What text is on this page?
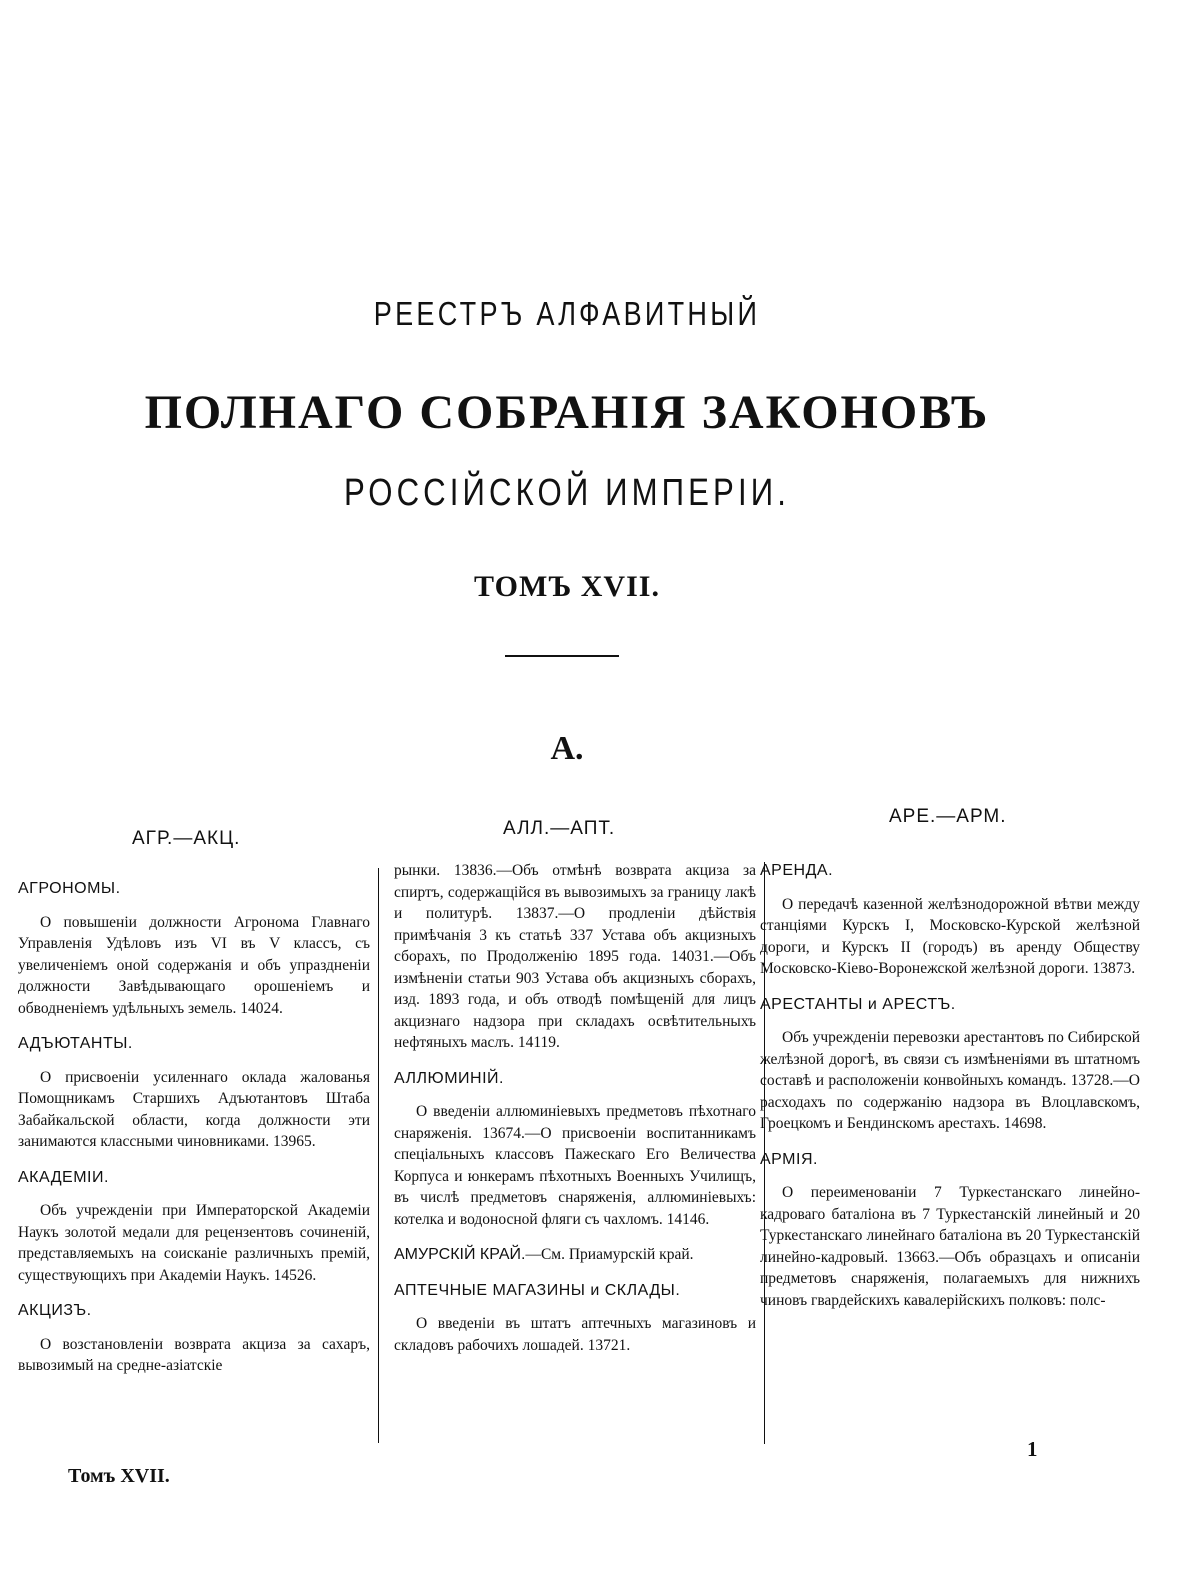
РЕЕСТРЪ АЛФАВИТНЫЙ
ПОЛНАГО СОБРАНІЯ ЗАКОНОВЪ
РОССІЙСКОЙ ИМПЕРІИ.
ТОМЪ XVII.
А.
АГР.—АКЦ.	АЛЛ.—АПТ.
АРЕ.—АРМ.
АГРОНОМЫ.
О повышеніи должности Агронома Главнаго Управленія Удѣловъ изъ VI въ V классъ, съ увеличеніемъ оной содержанія и объ упраздненіи должности Завѣдывающаго орошеніемъ и обводненіемъ удѣльныхъ земель. 14024.
АДЪЮТАНТЫ.
О присвоеніи усиленнаго оклада жалованья Помощникамъ Старшихъ Адъютантовъ Штаба Забайкальской области, когда должности эти занимаются классными чиновниками. 13965.
АКАДЕМІИ.
Объ учрежденіи при Императорской Академіи Наукъ золотой медали для рецензентовъ сочиненій, представляемыхъ на соисканіе различныхъ премій, существующихъ при Академіи Наукъ. 14526.
АКЦИЗЪ.
О возстановленіи возврата акциза за сахаръ, вывозимый на средне-азіатскіе
рынки. 13836.—Объ отмѣнѣ возврата акциза за спиртъ, содержащійся въ вывозимыхъ за границу лакѣ и политурѣ. 13837.—О продленіи дѣйствія примѣчанія 3 къ статьѣ 337 Устава объ акцизныхъ сборахъ, по Продолженію 1895 года. 14031.—Объ измѣненіи статьи 903 Устава объ акцизныхъ сборахъ, изд. 1893 года, и объ отводѣ помѣщеній для лицъ акцизнаго надзора при складахъ освѣтительныхъ нефтяныхъ маслъ. 14119.
АЛЛЮМИНІЙ.
О введеніи аллюминіевыхъ предметовъ пѣхотнаго снаряженія. 13674.—О присвоеніи воспитанникамъ спеціальныхъ классовъ Пажескаго Его Величества Корпуса и юнкерамъ пѣхотныхъ Военныхъ Училищъ, въ числѣ предметовъ снаряженія, аллюминіевыхъ: котелка и водоносной фляги съ чахломъ. 14146.
АМУРСКІЙ КРАЙ.—См. Приамурскій край.
АПТЕЧНЫЕ МАГАЗИНЫ и СКЛАДЫ.
О введеніи въ штатъ аптечныхъ магазиновъ и складовъ рабочихъ лошадей. 13721.
АРЕНДА.
О передачѣ казенной желѣзнодорожной вѣтви между станціями Курскъ I, Московско-Курской желѣзной дороги, и Курскъ II (городъ) въ аренду Обществу Московско-Кіево-Воронежской желѣзной дороги. 13873.
АРЕСТАНТЫ и АРЕСТЪ.
Объ учрежденіи перевозки арестантовъ по Сибирской желѣзной дорогѣ, въ связи съ измѣненіями въ штатномъ составѣ и расположеніи конвойныхъ командъ. 13728.—О расходахъ по содержанію надзора въ Влоцлавскомъ, Гроецкомъ и Бендинскомъ арестахъ. 14698.
АРМІЯ.
О переименованіи 7 Туркестанскаго линейно-кадроваго баталіона въ 7 Туркестанскій линейный и 20 Туркестанскаго линейнаго баталіона въ 20 Туркестанскій линейно-кадровый. 13663.—Объ образцахъ и описаніи предметовъ снаряженія, полагаемыхъ для нижнихъ чиновъ гвардейскихъ кавалерійскихъ полковъ: полс-
Томъ XVII.
1
